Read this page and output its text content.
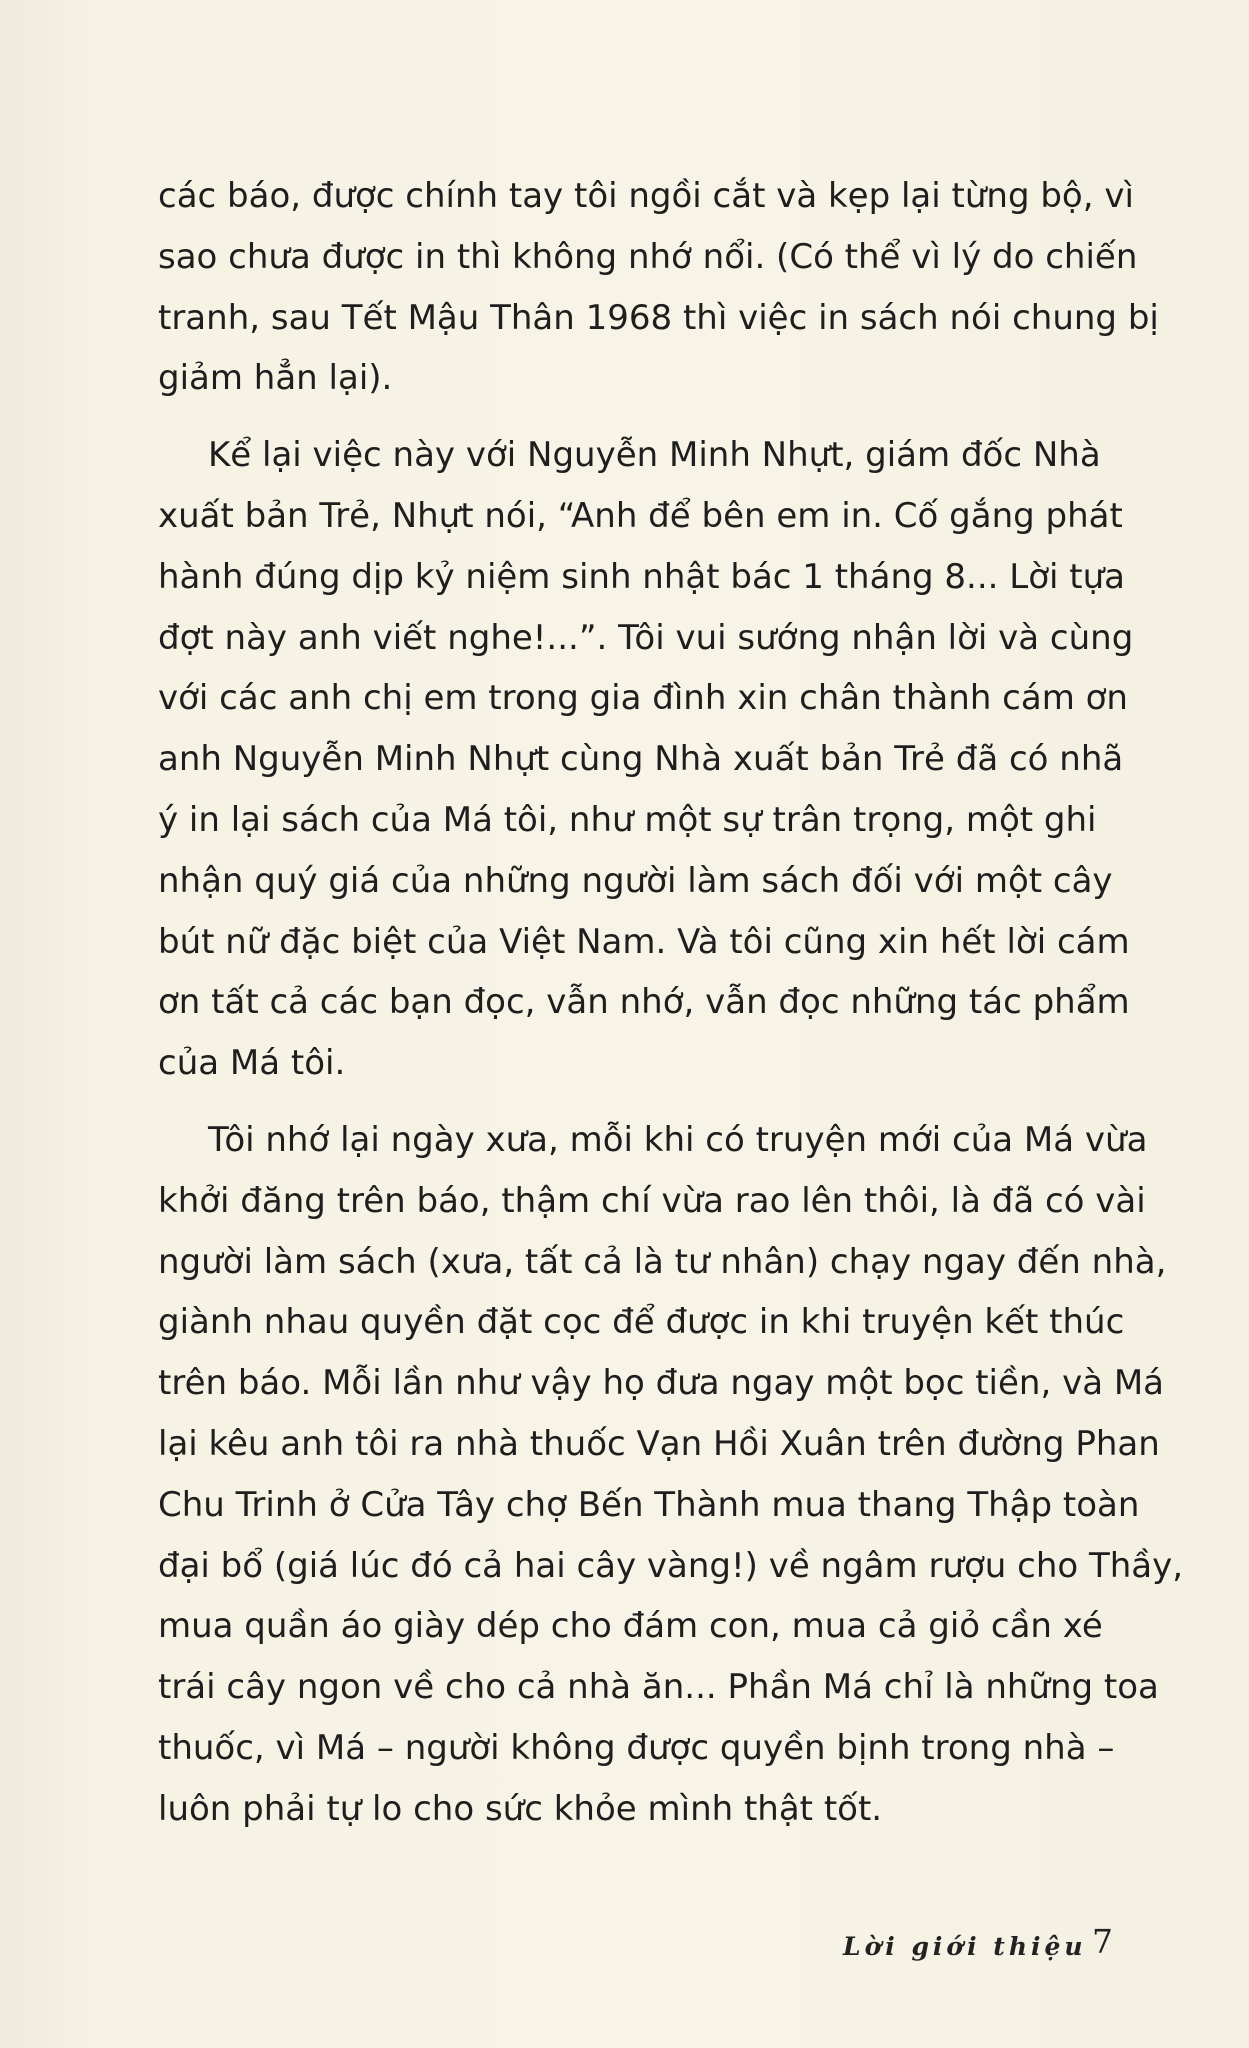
các báo, được chính tay tôi ngồi cắt và kẹp lại từng bộ, vì
sao chưa được in thì không nhớ nổi. (Có thể vì lý do chiến
tranh, sau Tết Mậu Thân 1968 thì việc in sách nói chung bị
giảm hẳn lại).

Kể lại việc này với Nguyễn Minh Nhựt, giám đốc Nhà
xuất bản Trẻ, Nhựt nói, “Anh để bên em in. Cố gắng phát
hành đúng dịp kỷ niệm sinh nhật bác 1 tháng 8... Lời tựa
đợt này anh viết nghe!...”. Tôi vui sướng nhận lời và cùng
với các anh chị em trong gia đình xin chân thành cám ơn
anh Nguyễn Minh Nhựt cùng Nhà xuất bản Trẻ đã có nhã
ý in lại sách của Má tôi, như một sự trân trọng, một ghi
nhận quý giá của những người làm sách đối với một cây
bút nữ đặc biệt của Việt Nam. Và tôi cũng xin hết lời cám
ơn tất cả các bạn đọc, vẫn nhớ, vẫn đọc những tác phẩm
của Má tôi.

Tôi nhớ lại ngày xưa, mỗi khi có truyện mới của Má vừa
khởi đăng trên báo, thậm chí vừa rao lên thôi, là đã có vài
người làm sách (xưa, tất cả là tư nhân) chạy ngay đến nhà,
giành nhau quyền đặt cọc để được in khi truyện kết thúc
trên báo. Mỗi lần như vậy họ đưa ngay một bọc tiền, và Má
lại kêu anh tôi ra nhà thuốc Vạn Hồi Xuân trên đường Phan
Chu Trinh ở Cửa Tây chợ Bến Thành mua thang Thập toàn
đại bổ (giá lúc đó cả hai cây vàng!) về ngâm rượu cho Thầy,
mua quần áo giày dép cho đám con, mua cả giỏ cần xé
trái cây ngon về cho cả nhà ăn... Phần Má chỉ là những toa
thuốc, vì Má – người không được quyền bịnh trong nhà –
luôn phải tự lo cho sức khỏe mình thật tốt.

Lời giới thiệu 7
